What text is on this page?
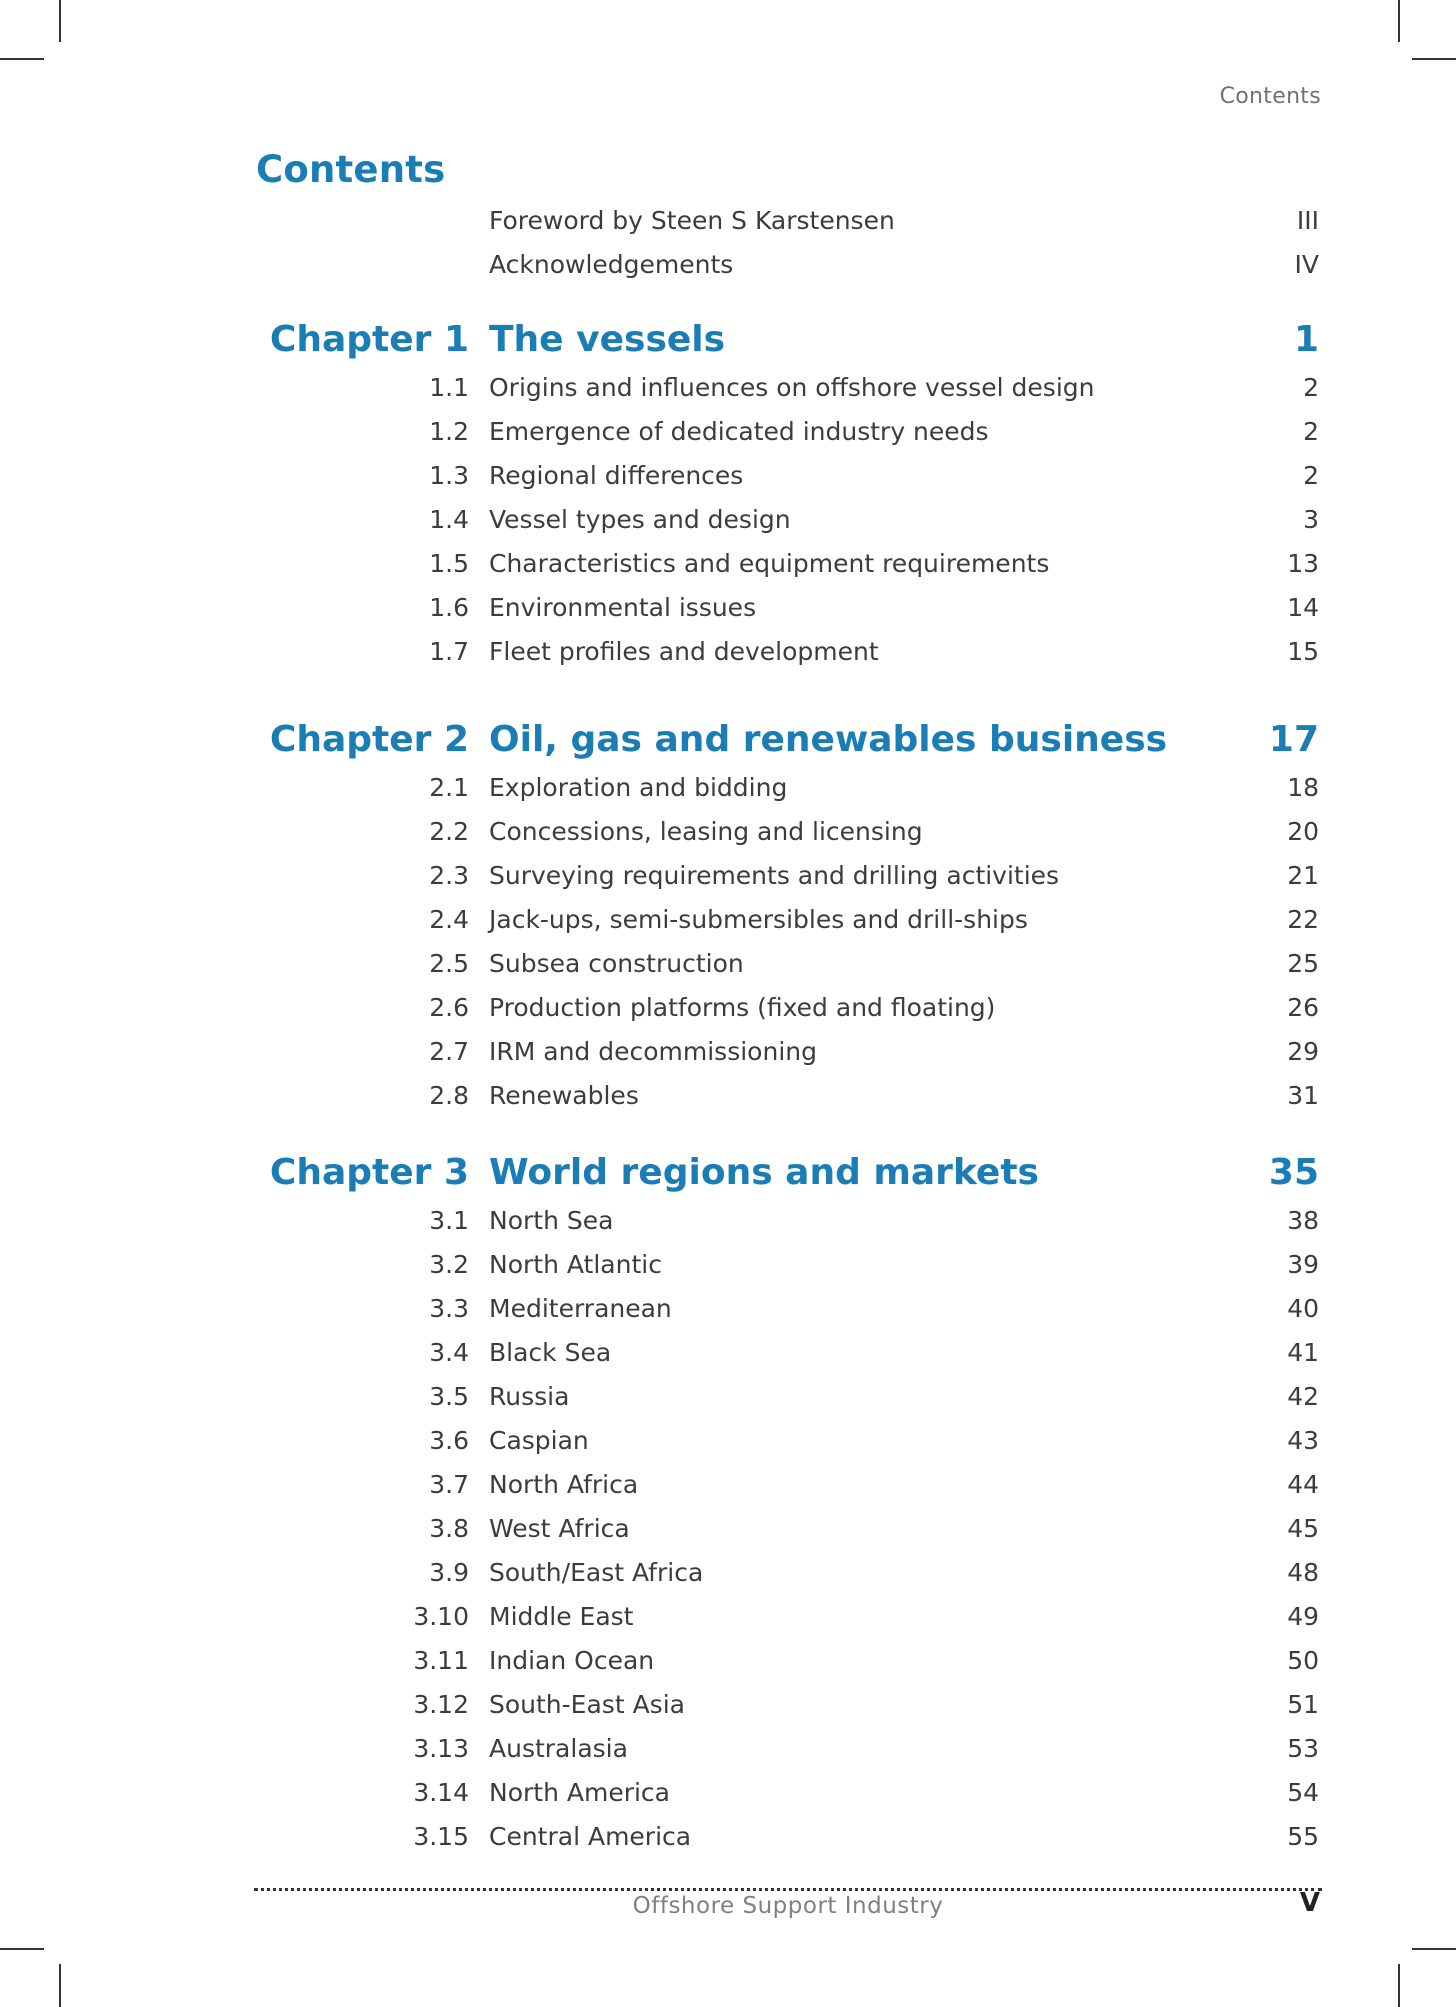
Contents
Contents
Foreword by Steen S Karstensen	III
Acknowledgements	IV
Chapter 1 The vessels	1
1.1 Origins and influences on offshore vessel design	2
1.2 Emergence of dedicated industry needs	2
1.3 Regional differences	2
1.4 Vessel types and design	3
1.5 Characteristics and equipment requirements	13
1.6 Environmental issues	14
1.7 Fleet profiles and development	15
Chapter 2 Oil, gas and renewables business	17
2.1 Exploration and bidding	18
2.2 Concessions, leasing and licensing	20
2.3 Surveying requirements and drilling activities	21
2.4 Jack-ups, semi-submersibles and drill-ships	22
2.5 Subsea construction	25
2.6 Production platforms (fixed and floating)	26
2.7 IRM and decommissioning	29
2.8 Renewables	31
Chapter 3 World regions and markets	35
3.1 North Sea	38
3.2 North Atlantic	39
3.3 Mediterranean	40
3.4 Black Sea	41
3.5 Russia	42
3.6 Caspian	43
3.7 North Africa	44
3.8 West Africa	45
3.9 South/East Africa	48
3.10 Middle East	49
3.11 Indian Ocean	50
3.12 South-East Asia	51
3.13 Australasia	53
3.14 North America	54
3.15 Central America	55
Offshore Support Industry	V
